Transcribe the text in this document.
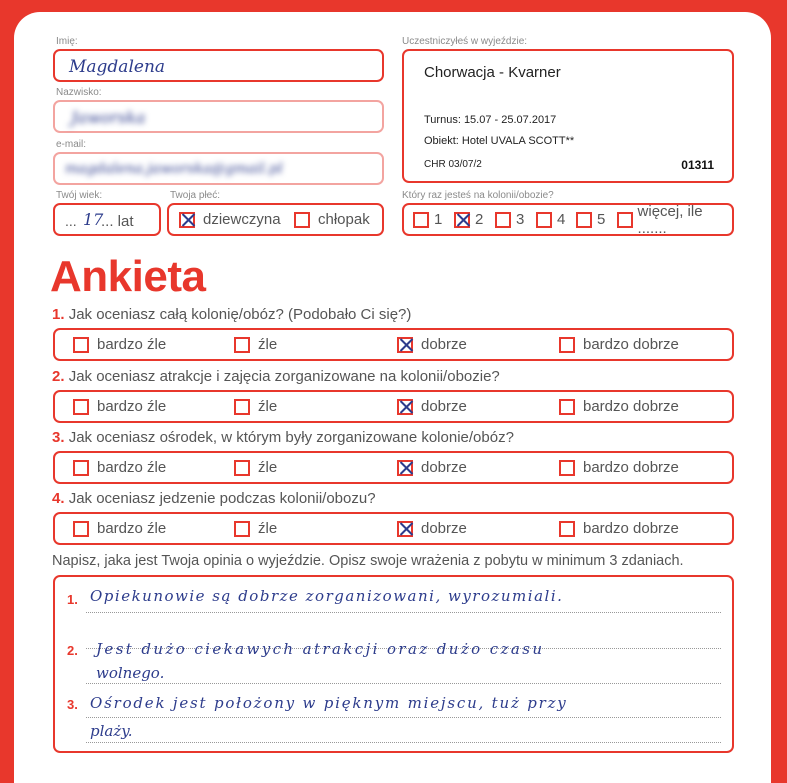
Imię:
Magdalena
Nazwisko:
Jaworska
e-mail:
magdalena.jaworska@gmail.pl
Twój wiek:
... 17
... lat
Twoja płeć:
dziewczyna chłopak
Uczestniczyłeś w wyjeździe:
Chorwacja - Kvarner
Turnus: 15.07 - 25.07.2017
Obiekt: Hotel UVALA SCOTT**
CHR 03/07/2	01311
Który raz jesteś na kolonii/obozie?
1 2 3 4 5 więcej, ile .......
Ankieta
1. Jak oceniasz całą kolonię/obóz? (Podobało Ci się?)
bardzo źle	źle	dobrze	bardzo dobrze
2. Jak oceniasz atrakcje i zajęcia zorganizowane na kolonii/obozie?
bardzo źle	źle	dobrze	bardzo dobrze
3. Jak oceniasz ośrodek, w którym były zorganizowane kolonie/obóz?
bardzo źle	źle	dobrze	bardzo dobrze
4. Jak oceniasz jedzenie podczas kolonii/obozu?
bardzo źle	źle	dobrze	bardzo dobrze
Napisz, jaka jest Twoja opinia o wyjeździe. Opisz swoje wrażenia z pobytu w minimum 3 zdaniach.
1.
2.
3.
Opiekunowie są dobrze zorganizowani, wyrozumiali.
Jest dużo ciekawych atrakcji oraz dużo czasu
wolnego.
Ośrodek jest położony w pięknym miejscu, tuż przy
plaży.
